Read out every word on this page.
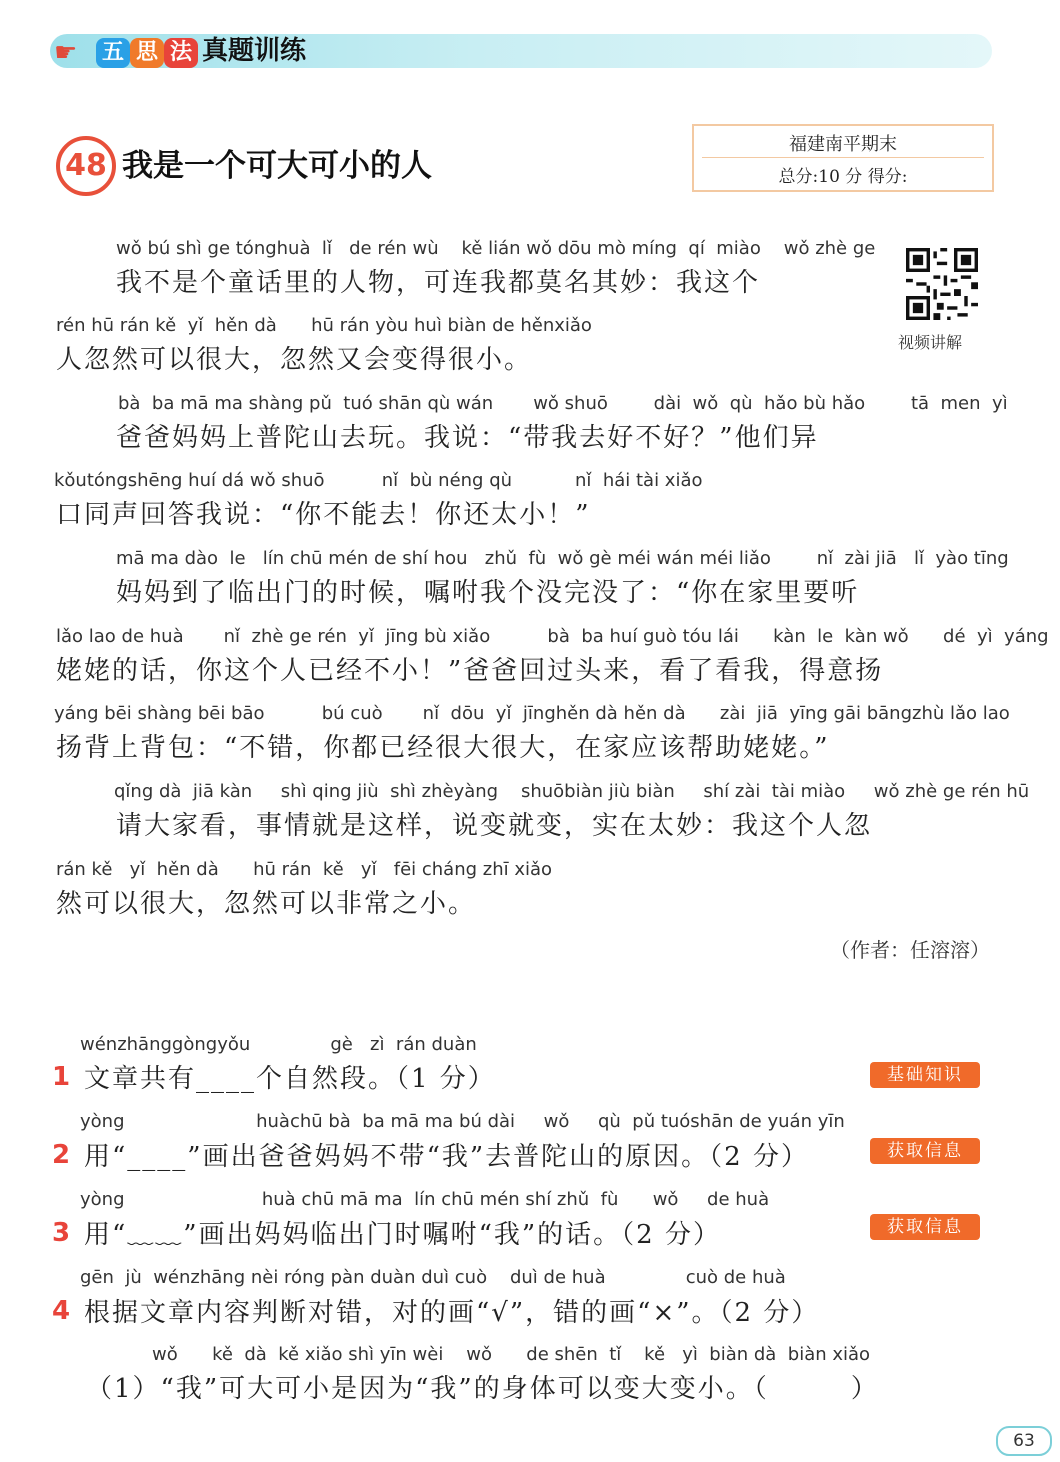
☛ 五 思 法 真题训练
48 我是一个可大可小的人
福建南平期末
总分:10 分 得分:
视频讲解
wǒ bú shì ge tónghuà  lǐ   de rén wù    kě lián wǒ dōu mò míng  qí  miào    wǒ zhè ge
我不是个童话里的人物，可连我都莫名其妙：我这个
rén hū rán kě  yǐ  hěn dà      hū rán yòu huì biàn de hěnxiǎo
人忽然可以很大，忽然又会变得很小。
bà  ba mā ma shàng pǔ  tuó shān qù wán       wǒ shuō        dài  wǒ  qù  hǎo bù hǎo        tā  men  yì
爸爸妈妈上普陀山去玩。我说：“带我去好不好？”他们异
kǒutóngshēng huí dá wǒ shuō          nǐ  bù néng qù           nǐ  hái tài xiǎo
口同声回答我说：“你不能去！你还太小！”
mā ma dào  le   lín chū mén de shí hou   zhǔ  fù  wǒ gè méi wán méi liǎo        nǐ  zài jiā   lǐ  yào tīng
妈妈到了临出门的时候，嘱咐我个没完没了：“你在家里要听
lǎo lao de huà       nǐ  zhè ge rén  yǐ  jīng bù xiǎo          bà  ba huí guò tóu lái      kàn  le  kàn wǒ      dé  yì  yáng
姥姥的话，你这个人已经不小！”爸爸回过头来，看了看我，得意扬
yáng bēi shàng bēi bāo          bú cuò       nǐ  dōu  yǐ  jīnghěn dà hěn dà      zài  jiā  yīng gāi bāngzhù lǎo lao
扬背上背包：“不错，你都已经很大很大，在家应该帮助姥姥。”
qǐng dà  jiā kàn     shì qing jiù  shì zhèyàng    shuōbiàn jiù biàn     shí zài  tài miào     wǒ zhè ge rén hū
请大家看，事情就是这样，说变就变，实在太妙：我这个人忽
rán kě   yǐ  hěn dà      hū rán  kě   yǐ   fēi cháng zhī xiǎo
然可以很大，忽然可以非常之小。
（作者：任溶溶）
wénzhānggòngyǒu              gè   zì  rán duàn
1 文章共有____个自然段。（1 分）	基础知识
yòng                       huàchū bà  ba mā ma bú dài     wǒ     qù  pǔ tuóshān de yuán yīn
2 用“____”画出爸爸妈妈不带“我”去普陀山的原因。（2 分）	获取信息
yòng                        huà chū mā ma  lín chū mén shí zhǔ  fù      wǒ     de huà
3 用“﹏﹏”画出妈妈临出门时嘱咐“我”的话。（2 分）	获取信息
gēn  jù  wénzhāng nèi róng pàn duàn duì cuò    duì de huà              cuò de huà
4 根据文章内容判断对错，对的画“√”，错的画“×”。（2 分）
wǒ      kě  dà  kě xiǎo shì yīn wèi    wǒ      de shēn  tǐ    kě   yì  biàn dà  biàn xiǎo
（1）“我”可大可小是因为“我”的身体可以变大变小。（        ）
63
